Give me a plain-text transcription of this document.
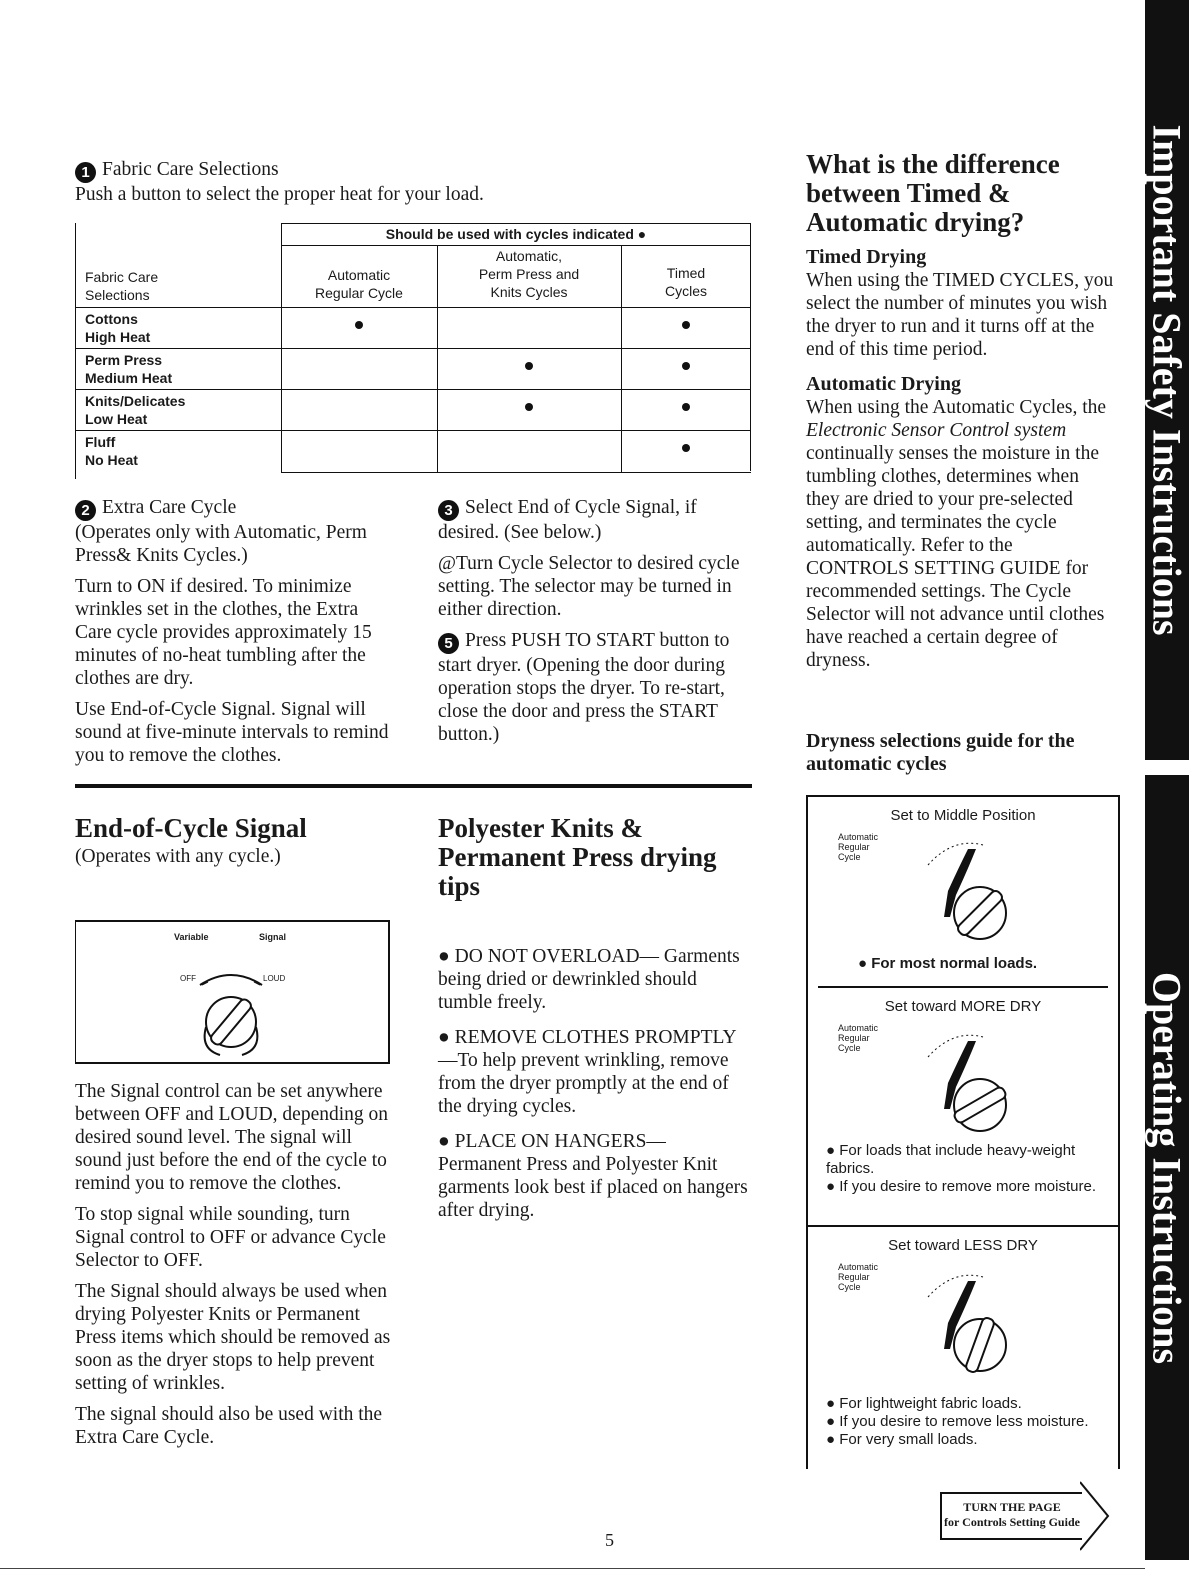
1 Fabric Care Selections
Push a button to select the proper heat for your load.
Should be used with cycles indicated ●
Fabric Care
Selections
Automatic
Regular Cycle
Automatic,
Perm Press and
Knits Cycles
Timed
Cycles
Cottons
High Heat
Perm Press
Medium Heat
Knits/Delicates
Low Heat
Fluff
No Heat

2 Extra Care Cycle

(Operates only with Automatic, Perm Press& Knits Cycles.)

Turn to ON if desired. To minimize wrinkles set in the clothes, the Extra Care cycle provides approximately 15 minutes of no-heat tumbling after the clothes are dry.

Use End-of-Cycle Signal. Signal will sound at five-minute intervals to remind you to remove the clothes.

3 Select End of Cycle Signal, if desired. (See below.)

@Turn Cycle Selector to desired cycle setting. The selector may be turned in either direction.

5 Press PUSH TO START button to start dryer. (Opening the door during operation stops the dryer. To re-start, close the door and press the START button.)

End-of-Cycle Signal
(Operates with any cycle.)
Variable	Signal
OFF	LOUD

The Signal control can be set anywhere between OFF and LOUD, depending on desired sound level. The signal will sound just before the end of the cycle to remind you to remove the clothes.

To stop signal while sounding, turn Signal control to OFF or advance Cycle Selector to OFF.

The Signal should always be used when drying Polyester Knits or Permanent Press items which should be removed as soon as the dryer stops to help prevent setting of wrinkles.

The signal should also be used with the Extra Care Cycle.

Polyester Knits & Permanent Press drying tips

● DO NOT OVERLOAD— Garments being dried or dewrinkled should tumble freely.

● REMOVE CLOTHES PROMPTLY—To help prevent wrinkling, remove from the dryer promptly at the end of the drying cycles.

● PLACE ON HANGERS— Permanent Press and Polyester Knit garments look best if placed on hangers after drying.

What is the difference between Timed & Automatic drying?

Timed Drying

When using the TIMED CYCLES, you select the number of minutes you wish the dryer to run and it turns off at the end of this time period.

Automatic Drying

When using the Automatic Cycles, the Electronic Sensor Control system continually senses the moisture in the tumbling clothes, determines when they are dried to your pre-selected setting, and terminates the cycle automatically. Refer to the CONTROLS SETTING GUIDE for recommended settings. The Cycle Selector will not advance until clothes have reached a certain degree of dryness.

Dryness selections guide for the automatic cycles
Set to Middle Position
Automatic
Regular
Cycle
● For most normal loads.
Set toward MORE DRY
Automatic
Regular
Cycle
● For loads that include heavy-weight fabrics.
● If you desire to remove more moisture.
Set toward LESS DRY
Automatic
Regular
Cycle
● For lightweight fabric loads.
● If you desire to remove less moisture.
● For very small loads.
Important Safety Instructions
Operating Instructions
5
TURN THE PAGE
for Controls Setting Guide
